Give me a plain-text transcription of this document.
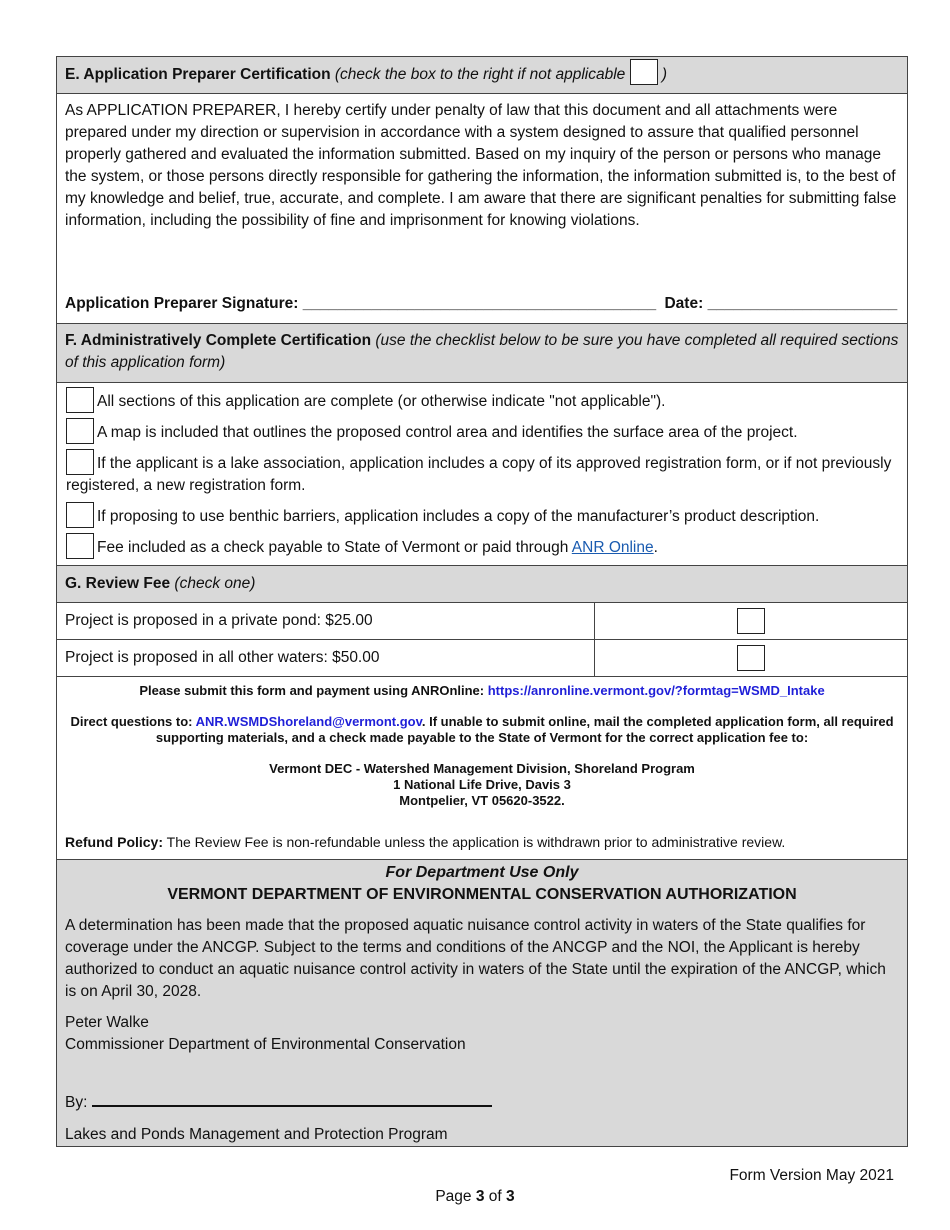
E. Application Preparer Certification (check the box to the right if not applicable )

As APPLICATION PREPARER, I hereby certify under penalty of law that this document and all attachments were prepared under my direction or supervision in accordance with a system designed to assure that qualified personnel properly gathered and evaluated the information submitted. Based on my inquiry of the person or persons who manage the system, or those persons directly responsible for gathering the information, the information submitted is, to the best of my knowledge and belief, true, accurate, and complete. I am aware that there are significant penalties for submitting false information, including the possibility of fine and imprisonment for knowing violations.

Application Preparer Signature: _________________________________________ Date: ______________________
F. Administratively Complete Certification (use the checklist below to be sure you have completed all required sections of this application form)
All sections of this application are complete (or otherwise indicate "not applicable").
A map is included that outlines the proposed control area and identifies the surface area of the project.
If the applicant is a lake association, application includes a copy of its approved registration form, or if not previously registered, a new registration form.
If proposing to use benthic barriers, application includes a copy of the manufacturer’s product description.
Fee included as a check payable to State of Vermont or paid through ANR Online.
G. Review Fee (check one)
Project is proposed in a private pond: $25.00
Project is proposed in all other waters: $50.00

Please submit this form and payment using ANROnline: https://anronline.vermont.gov/?formtag=WSMD_Intake

Direct questions to: ANR.WSMDShoreland@vermont.gov. If unable to submit online, mail the completed application form, all required supporting materials, and a check made payable to the State of Vermont for the correct application fee to:

Vermont DEC - Watershed Management Division, Shoreland Program
1 National Life Drive, Davis 3
Montpelier, VT 05620-3522.

Refund Policy: The Review Fee is non-refundable unless the application is withdrawn prior to administrative review.

For Department Use Only

VERMONT DEPARTMENT OF ENVIRONMENTAL CONSERVATION AUTHORIZATION

A determination has been made that the proposed aquatic nuisance control activity in waters of the State qualifies for coverage under the ANCGP. Subject to the terms and conditions of the ANCGP and the NOI, the Applicant is hereby authorized to conduct an aquatic nuisance control activity in waters of the State until the expiration of the ANCGP, which is on April 30, 2028.

Peter Walke

Commissioner Department of Environmental Conservation

By:

Lakes and Ponds Management and Protection Program

Form Version May 2021
Page 3 of 3
